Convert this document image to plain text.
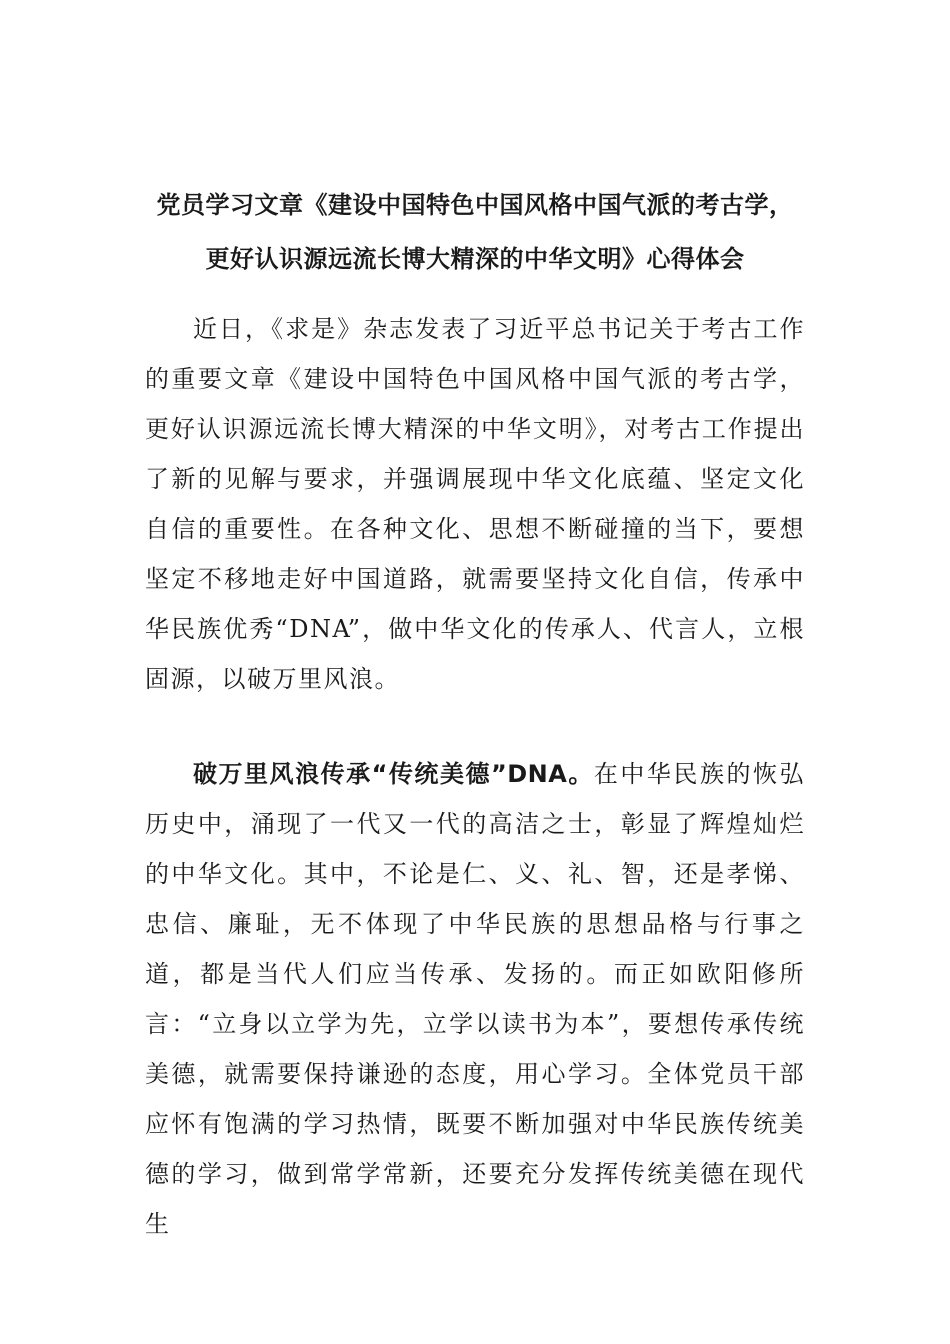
党员学习文章《建设中国特色中国风格中国气派的考古学，
更好认识源远流长博大精深的中华文明》心得体会

近日，《求是》杂志发表了习近平总书记关于考古工作的重要文章《建设中国特色中国风格中国气派的考古学，更好认识源远流长博大精深的中华文明》，对考古工作提出了新的见解与要求，并强调展现中华文化底蕴、坚定文化自信的重要性。在各种文化、思想不断碰撞的当下，要想坚定不移地走好中国道路，就需要坚持文化自信，传承中华民族优秀“DNA”，做中华文化的传承人、代言人，立根固源，以破万里风浪。

破万里风浪传承“传统美德”DNA。在中华民族的恢弘历史中，涌现了一代又一代的高洁之士，彰显了辉煌灿烂的中华文化。其中，不论是仁、义、礼、智，还是孝悌、忠信、廉耻，无不体现了中华民族的思想品格与行事之道，都是当代人们应当传承、发扬的。而正如欧阳修所言：“立身以立学为先，立学以读书为本”，要想传承传统美德，就需要保持谦逊的态度，用心学习。全体党员干部应怀有饱满的学习热情，既要不断加强对中华民族传统美德的学习，做到常学常新，还要充分发挥传统美德在现代生
